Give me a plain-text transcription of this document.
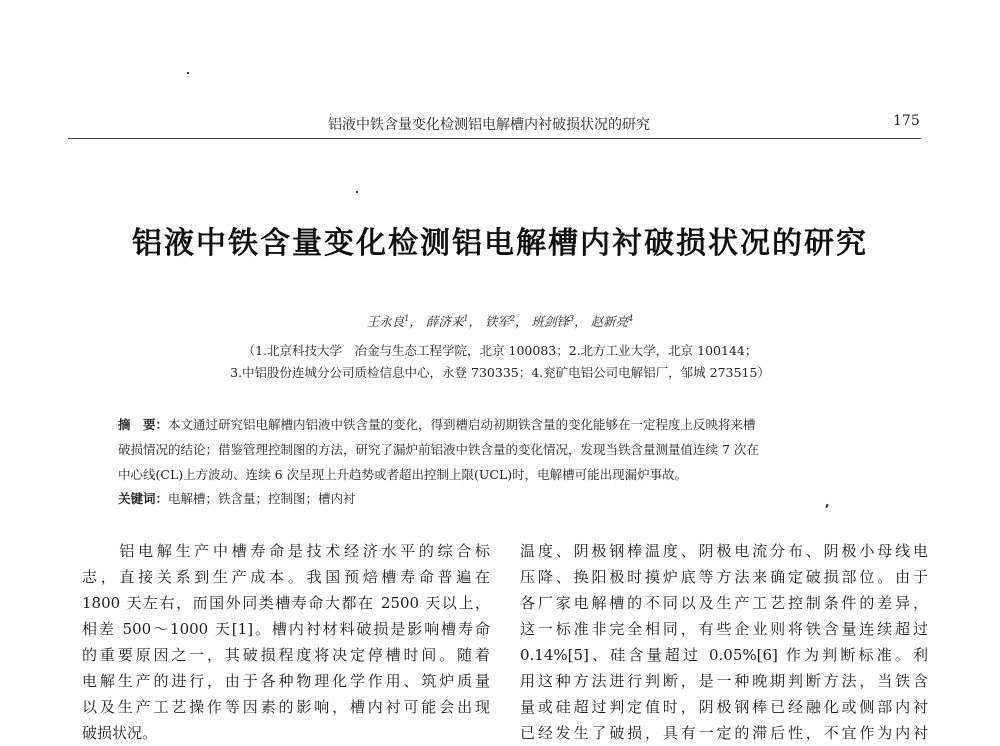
铝液中铁含量变化检测铝电解槽内衬破损状况的研究	175
铝液中铁含量变化检测铝电解槽内衬破损状况的研究
王永良$^1$， 薛济来$^1$， 铁军$^2$， 班剑锋$^3$， 赵新亮$^4$
（1.北京科技大学　冶金与生态工程学院，北京 100083；2.北方工业大学，北京 100144；
3.中铝股份连城分公司质检信息中心，永登 730335；4.兖矿电铝公司电解铝厂，邹城 273515）
摘　要：本文通过研究铝电解槽内铝液中铁含量的变化，得到槽启动初期铁含量的变化能够在一定程度上反映将来槽
破损情况的结论；借鉴管理控制图的方法，研究了漏炉前铝液中铁含量的变化情况，发现当铁含量测量值连续 7 次在
中心线(CL)上方波动、连续 6 次呈现上升趋势或者超出控制上限(UCL)时，电解槽可能出现漏炉事故。
关键词：电解槽；铁含量；控制图；槽内衬
　　铝电解生产中槽寿命是技术经济水平的综合标
志，直接关系到生产成本。我国预焙槽寿命普遍在
1800 天左右，而国外同类槽寿命大都在 2500 天以上，
相差 500～1000 天[1]。槽内衬材料破损是影响槽寿命
的重要原因之一，其破损程度将决定停槽时间。随着
电解生产的进行，由于各种物理化学作用、筑炉质量
以及生产工艺操作等因素的影响，槽内衬可能会出现
破损状况。
温度、阴极钢棒温度、阴极电流分布、阴极小母线电
压降、换阳极时摸炉底等方法来确定破损部位。由于
各厂家电解槽的不同以及生产工艺控制条件的差异，
这一标准非完全相同，有些企业则将铁含量连续超过
0.14%[5]、硅含量超过 0.05%[6] 作为判断标准。利
用这种方法进行判断，是一种晚期判断方法，当铁含
量或硅超过判定值时，阴极钢棒已经融化或侧部内衬
已经发生了破损，具有一定的滞后性，不宜作为内衬
